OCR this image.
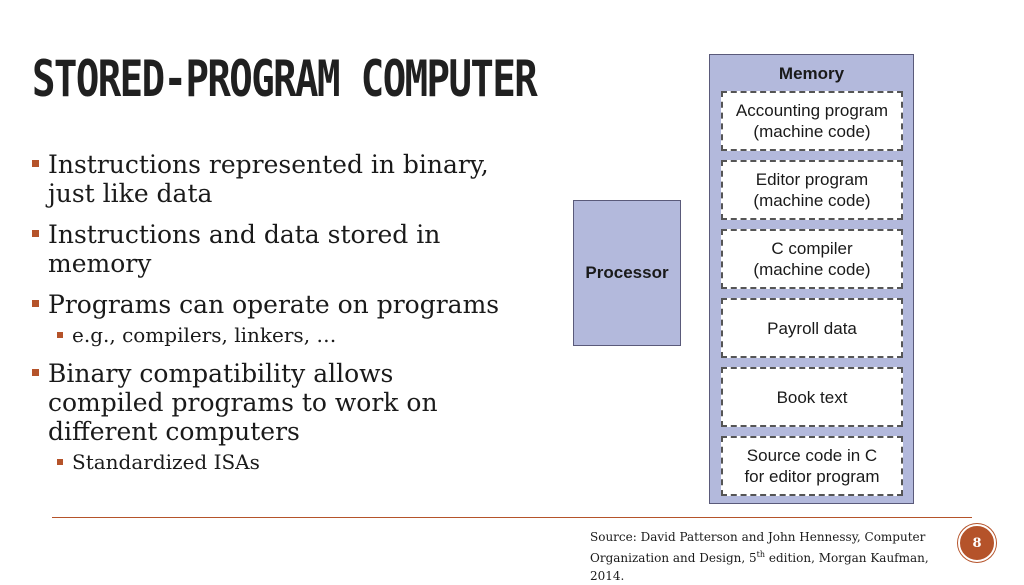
STORED-PROGRAM COMPUTER
Instructions represented in binary, just like data
Instructions and data stored in memory
Programs can operate on programs
e.g., compilers, linkers, …
Binary compatibility allows compiled programs to work on different computers
Standardized ISAs
Processor
Memory
Accounting program
(machine code)
Editor program
(machine code)
C compiler
(machine code)
Payroll data
Book text
Source code in C
for editor program
Source: David Patterson and John Hennessy, Computer Organization and Design, 5th edition, Morgan Kaufman, 2014.
8
